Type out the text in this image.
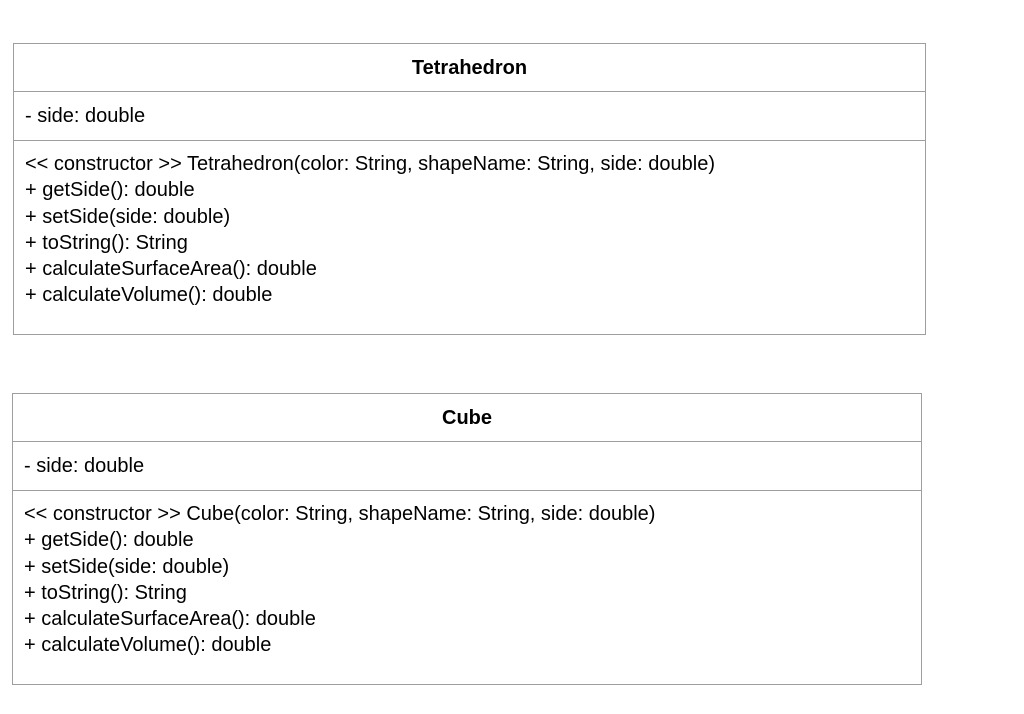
Tetrahedron
- side: double
<< constructor >> Tetrahedron(color: String, shapeName: String, side: double)
+ getSide(): double
+ setSide(side: double)
+ toString(): String
+ calculateSurfaceArea(): double
+ calculateVolume(): double
Cube
- side: double
<< constructor >> Cube(color: String, shapeName: String, side: double)
+ getSide(): double
+ setSide(side: double)
+ toString(): String
+ calculateSurfaceArea(): double
+ calculateVolume(): double
